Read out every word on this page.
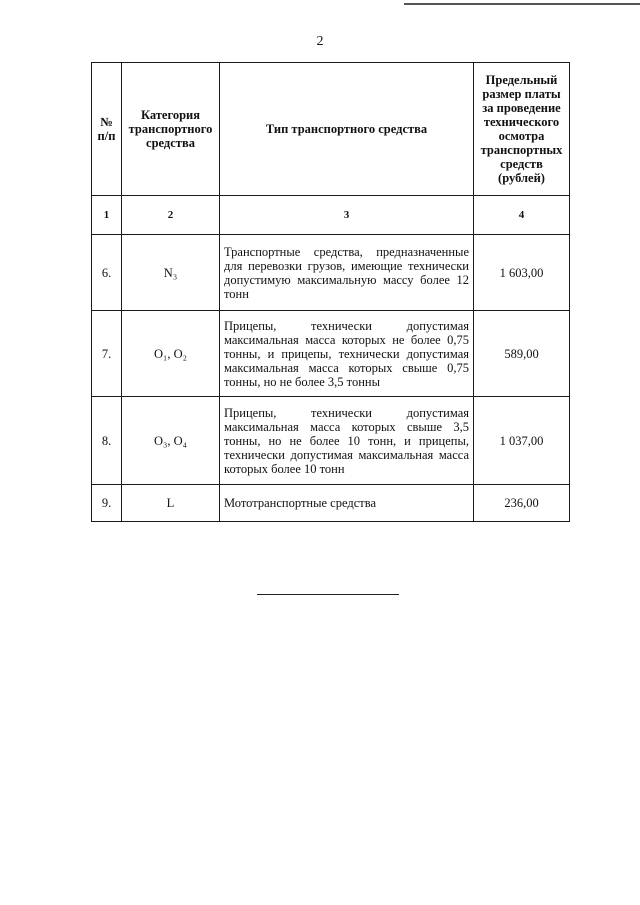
2
№ п/п	Категория транспортного средства	Тип транспортного средства	Предельный размер платы за проведение технического осмотра транспортных средств (рублей)
1	2	3	4
6.	N₃	Транспортные средства, предназначенные для перевозки грузов, имеющие технически допустимую максимальную массу более 12 тонн	1 603,00
7.	O₁, O₂	Прицепы, технически допустимая максимальная масса которых не более 0,75 тонны, и прицепы, технически допустимая максимальная масса которых свыше 0,75 тонны, но не более 3,5 тонны	589,00
8.	O₃, O₄	Прицепы, технически допустимая максимальная масса которых свыше 3,5 тонны, но не более 10 тонн, и прицепы, технически допустимая максимальная масса которых более 10 тонн	1 037,00
9.	L	Мототранспортные средства	236,00
